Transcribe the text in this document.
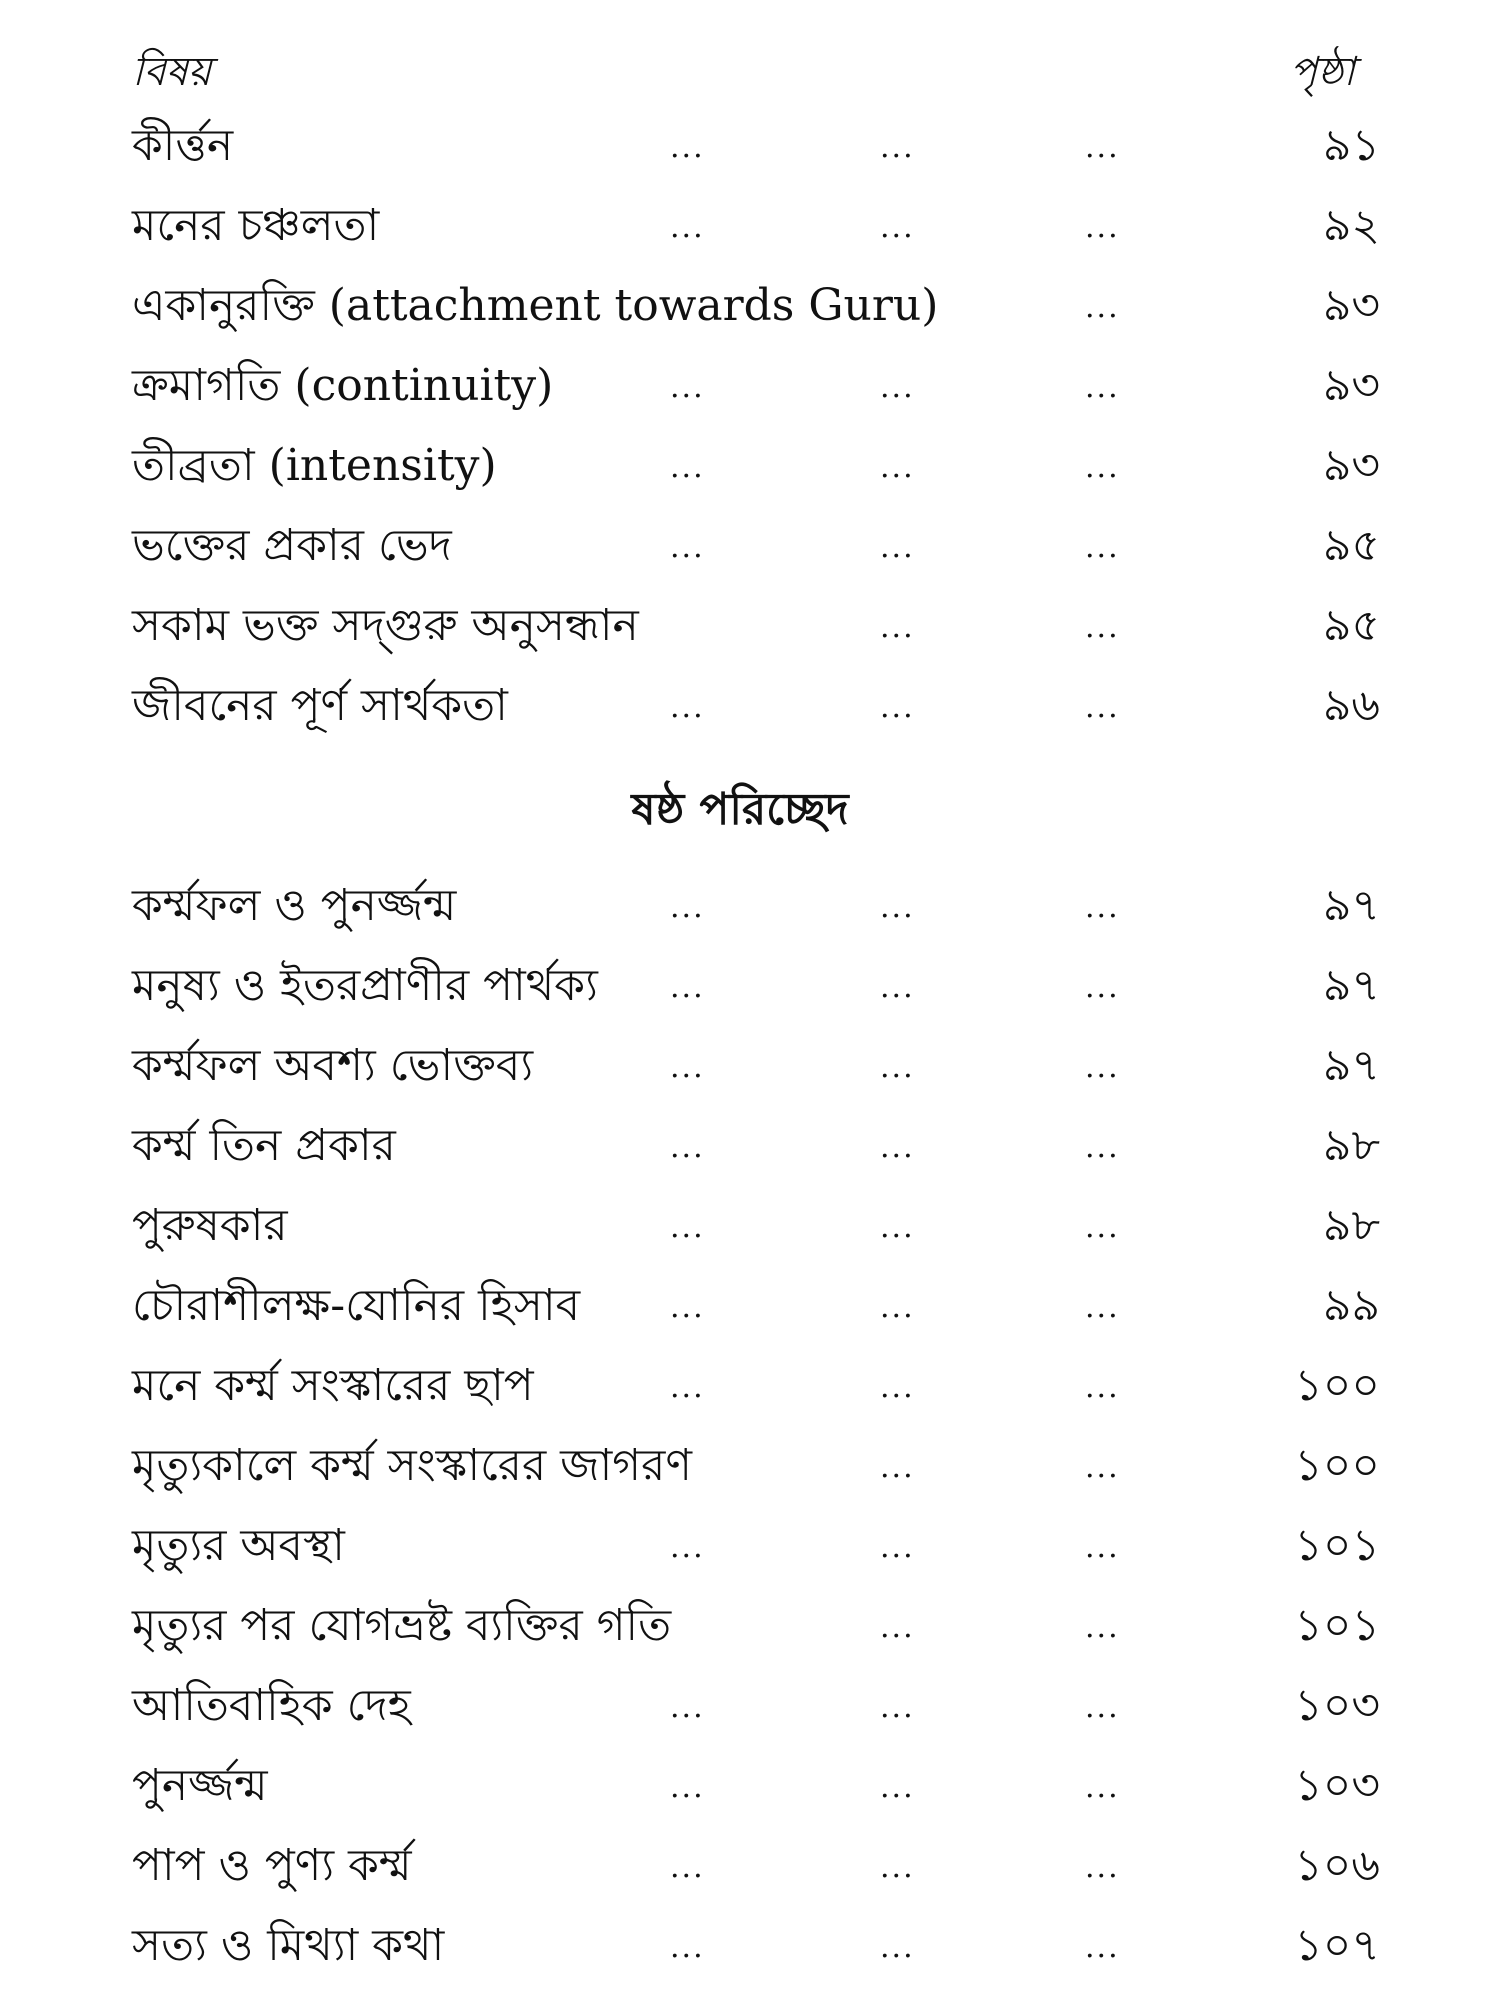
বিষয়	পৃষ্ঠা
কীর্ত্তন	...	...	...	৯১
মনের চঞ্চলতা	...	...	...	৯২
একানুরক্তি (attachment towards Guru)	...	৯৩
ক্রমাগতি (continuity)	...	...	...	৯৩
তীব্রতা (intensity)	...	...	...	৯৩
ভক্তের প্রকার ভেদ	...	...	...	৯৫
সকাম ভক্ত সদ্গুরু অনুসন্ধান	...	...	৯৫
জীবনের পূর্ণ সার্থকতা	...	...	...	৯৬
ষষ্ঠ পরিচ্ছেদ
কর্ম্মফল ও পুনর্জ্জন্ম	...	...	...	৯৭
মনুষ্য ও ইতরপ্রাণীর পার্থক্য ...	...	...	৯৭
কর্ম্মফল অবশ্য ভোক্তব্য	...	...	...	৯৭
কর্ম্ম তিন প্রকার	...	...	...	৯৮
পুরুষকার	...	...	...	৯৮
চৌরাশীলক্ষ-যোনির হিসাব	...	...	...	৯৯
মনে কর্ম্ম সংস্কারের ছাপ	...	...	...	১০০
মৃত্যুকালে কর্ম্ম সংস্কারের জাগরণ	...	...	১০০
মৃত্যুর অবস্থা	...	...	...	১০১
মৃত্যুর পর যোগভ্রষ্ট ব্যক্তির গতি	...	...	১০১
আতিবাহিক দেহ	...	...	...	১০৩
পুনর্জ্জন্ম	...	...	...	১০৩
পাপ ও পুণ্য কর্ম্ম	...	...	...	১০৬
সত্য ও মিথ্যা কথা	...	...	...	১০৭
